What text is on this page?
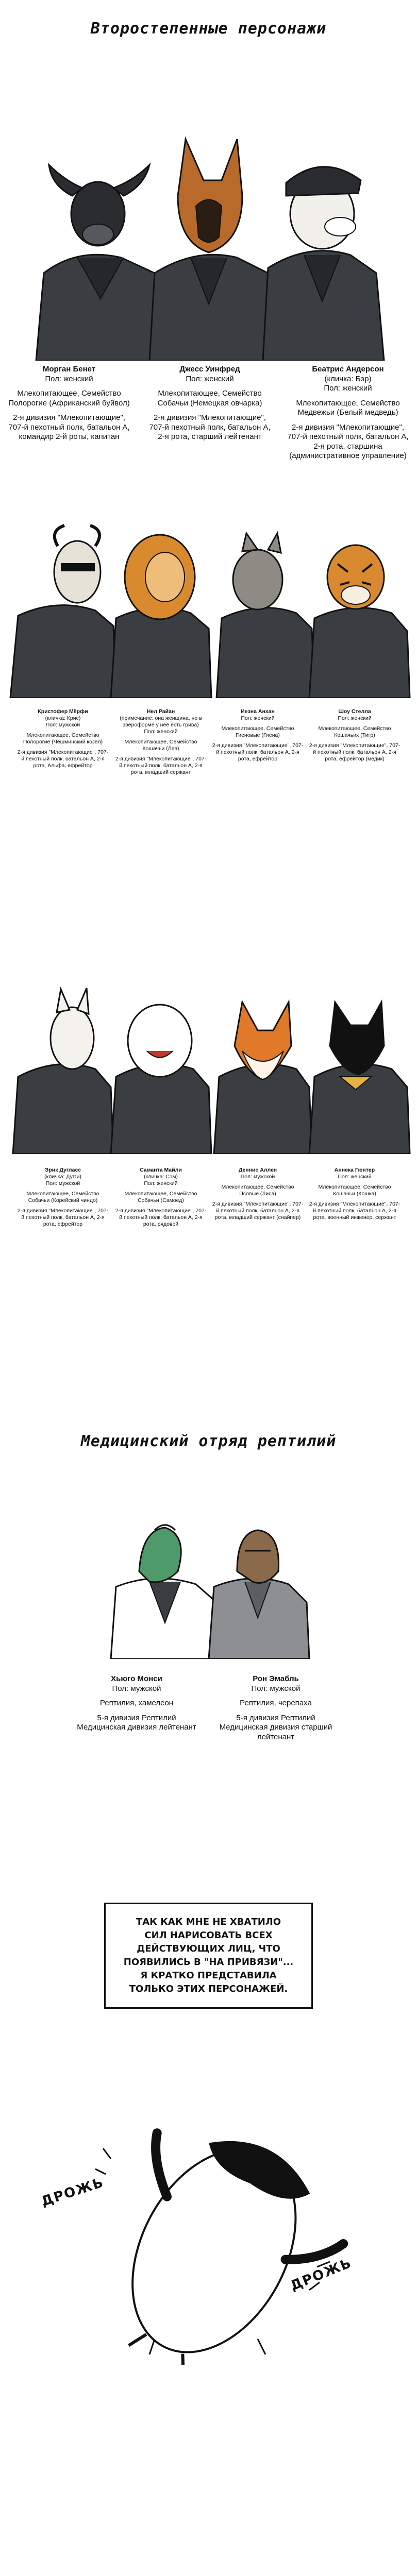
Второстепенные персонажи
Морган Бенет
Пол: женский
Млекопитающее, Семейство Полорогие (Африканский буйвол)
2-я дивизия "Млекопитающие", 707-й пехотный полк, батальон А, командир 2-й роты, капитан
Джесс Уинфред
Пол: женский
Млекопитающее, Семейство Собачьи (Немецкая овчарка)
2-я дивизия "Млекопитающие", 707-й пехотный полк, батальон А, 2-я рота, старший лейтенант
Беатрис Андерсон
(кличка: Бэр)
Пол: женский
Млекопитающее, Семейство Медвежьи (Белый медведь)
2-я дивизия "Млекопитающие", 707-й пехотный полк, батальон А, 2-я рота, старшина (административное управление)
Кристофер Мёрфи
(кличка: Крис)
Пол: мужской
Млекопитающее, Семейство Полорогие (Чешминский козёл)
2-я дивизия "Млекопитающие", 707-й пехотный полк, батальон А, 2-я рота, Альфа, ефрейтор
Нел Райан
(примечание: она женщина, но в звероформе у неё есть грива)
Пол: женский
Млекопитающее, Семейство Кошачьи (Лев)
2-я дивизия "Млекопитающие", 707-й пехотный полк, батальон А, 2-я рота, младший сержант
Иезна Анхан
Пол: женский
Млекопитающее, Семейство Гиеновые (Гиена)
2-я дивизия "Млекопитающие", 707-й пехотный полк, батальон А, 2-я рота, ефрейтор
Шоу Стелла
Пол: женский
Млекопитающее, Семейство Кошачьих (Тигр)
2-я дивизия "Млекопитающие", 707-й пехотный полк, батальон А, 2-я рота, ефрейтор (медик)
Эрик Дугласс
(кличка: Дугги)
Пол: мужской
Млекопитающее, Семейство Собачьи (Корейский чиндо)
2-я дивизия "Млекопитающие", 707-й пехотный полк, батальон А, 2-я рота, ефрейтор
Саманта Майли
(кличка: Сэм)
Пол: женский
Млекопитающее, Семейство Собачьи (Самоед)
2-я дивизия "Млекопитающие", 707-й пехотный полк, батальон А, 2-я рота, рядовой
Деннис Аллен
Пол: мужской
Млекопитающее, Семейство Псовые (Лиса)
2-я дивизия "Млекопитающие", 707-й пехотный полк, батальон А, 2-я рота, младший сержант (снайпер)
Аннека Гюнтер
Пол: женский
Млекопитающее, Семейство Кошачьи (Кошка)
2-я дивизия "Млекопитающие", 707-й пехотный полк, батальон А, 2-я рота, военный инженер, сержант
Медицинский отряд рептилий
Хьюго Монси
Пол: мужской
Рептилия, хамелеон
5-я дивизия Рептилий Медицинская дивизия лейтенант
Рон Эмабль
Пол: мужской
Рептилия, черепаха
5-я дивизия Рептилий Медицинская дивизия старший лейтенант
ТАК КАК МНЕ НЕ ХВАТИЛО СИЛ НАРИСОВАТЬ ВСЕХ ДЕЙСТВУЮЩИХ ЛИЦ, ЧТО ПОЯВИЛИСЬ В "НА ПРИВЯЗИ"... Я КРАТКО ПРЕДСТАВИЛА ТОЛЬКО ЭТИХ ПЕРСОНАЖЕЙ.
ДРОЖЬ
ДРОЖЬ
